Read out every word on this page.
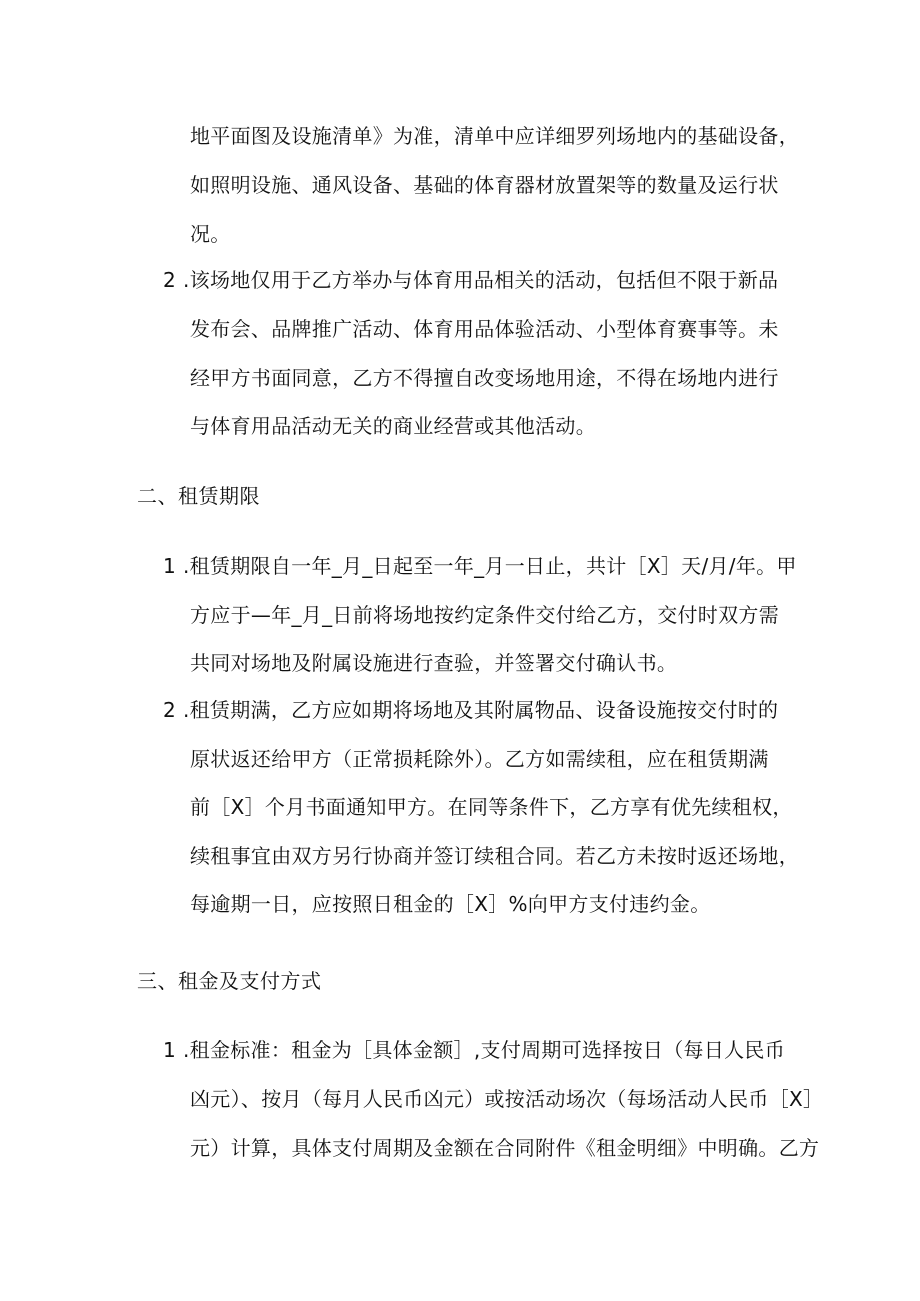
地平面图及设施清单》为准，清单中应详细罗列场地内的基础设备，
如照明设施、通风设备、基础的体育器材放置架等的数量及运行状
况。
2 .该场地仅用于乙方举办与体育用品相关的活动，包括但不限于新品
发布会、品牌推广活动、体育用品体验活动、小型体育赛事等。未
经甲方书面同意，乙方不得擅自改变场地用途，不得在场地内进行
与体育用品活动无关的商业经营或其他活动。
二、租赁期限
1 .租赁期限自一年_月_日起至一年_月一日止，共计［X］天/月/年。甲
方应于—年_月_日前将场地按约定条件交付给乙方，交付时双方需
共同对场地及附属设施进行查验，并签署交付确认书。
2 .租赁期满，乙方应如期将场地及其附属物品、设备设施按交付时的
原状返还给甲方（正常损耗除外）。乙方如需续租，应在租赁期满
前［X］个月书面通知甲方。在同等条件下，乙方享有优先续租权，
续租事宜由双方另行协商并签订续租合同。若乙方未按时返还场地，
每逾期一日，应按照日租金的［X］%向甲方支付违约金。
三、租金及支付方式
1 .租金标准：租金为［具体金额］,支付周期可选择按日（每日人民币
凶元）、按月（每月人民币凶元）或按活动场次（每场活动人民币［X］
元）计算，具体支付周期及金额在合同附件《租金明细》中明确。乙方
